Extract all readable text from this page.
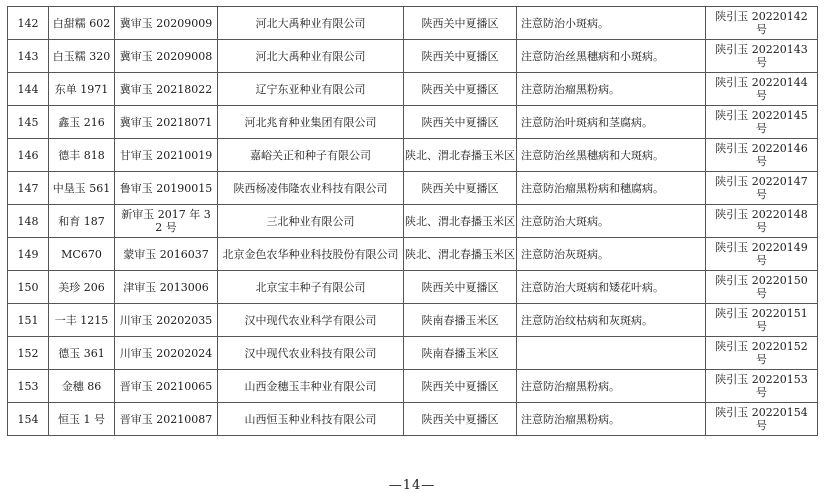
142	白甜糯 602	冀审玉 20209009	河北大禹种业有限公司	陕西关中夏播区	注意防治小斑病。	陕引玉 20220142 号
143	白玉糯 320	冀审玉 20209008	河北大禹种业有限公司	陕西关中夏播区	注意防治丝黑穗病和小斑病。	陕引玉 20220143 号
144	东单 1971	冀审玉 20218022	辽宁东亚种业有限公司	陕西关中夏播区	注意防治瘤黑粉病。	陕引玉 20220144 号
145	鑫玉 216	冀审玉 20218071	河北兆育种业集团有限公司	陕西关中夏播区	注意防治叶斑病和茎腐病。	陕引玉 20220145 号
146	德丰 818	甘审玉 20210019	嘉峪关正和种子有限公司	陕北、渭北春播玉米区	注意防治丝黑穗病和大斑病。	陕引玉 20220146 号
147	中垦玉 561	鲁审玉 20190015	陕西杨凌伟隆农业科技有限公司	陕西关中夏播区	注意防治瘤黑粉病和穗腐病。	陕引玉 20220147 号
148	和育 187	新审玉 2017 年 32 号	三北种业有限公司	陕北、渭北春播玉米区	注意防治大斑病。	陕引玉 20220148 号
149	MC670	蒙审玉 2016037	北京金色农华种业科技股份有限公司	陕北、渭北春播玉米区	注意防治灰斑病。	陕引玉 20220149 号
150	美珍 206	津审玉 2013006	北京宝丰种子有限公司	陕西关中夏播区	注意防治大斑病和矮花叶病。	陕引玉 20220150 号
151	一丰 1215	川审玉 20202035	汉中现代农业科学有限公司	陕南春播玉米区	注意防治纹枯病和灰斑病。	陕引玉 20220151 号
152	德玉 361	川审玉 20202024	汉中现代农业科技有限公司	陕南春播玉米区		陕引玉 20220152 号
153	金穗 86	晋审玉 20210065	山西金穗玉丰种业有限公司	陕西关中夏播区	注意防治瘤黑粉病。	陕引玉 20220153 号
154	恒玉 1 号	晋审玉 20210087	山西恒玉种业科技有限公司	陕西关中夏播区	注意防治瘤黑粉病。	陕引玉 20220154 号
—14—
